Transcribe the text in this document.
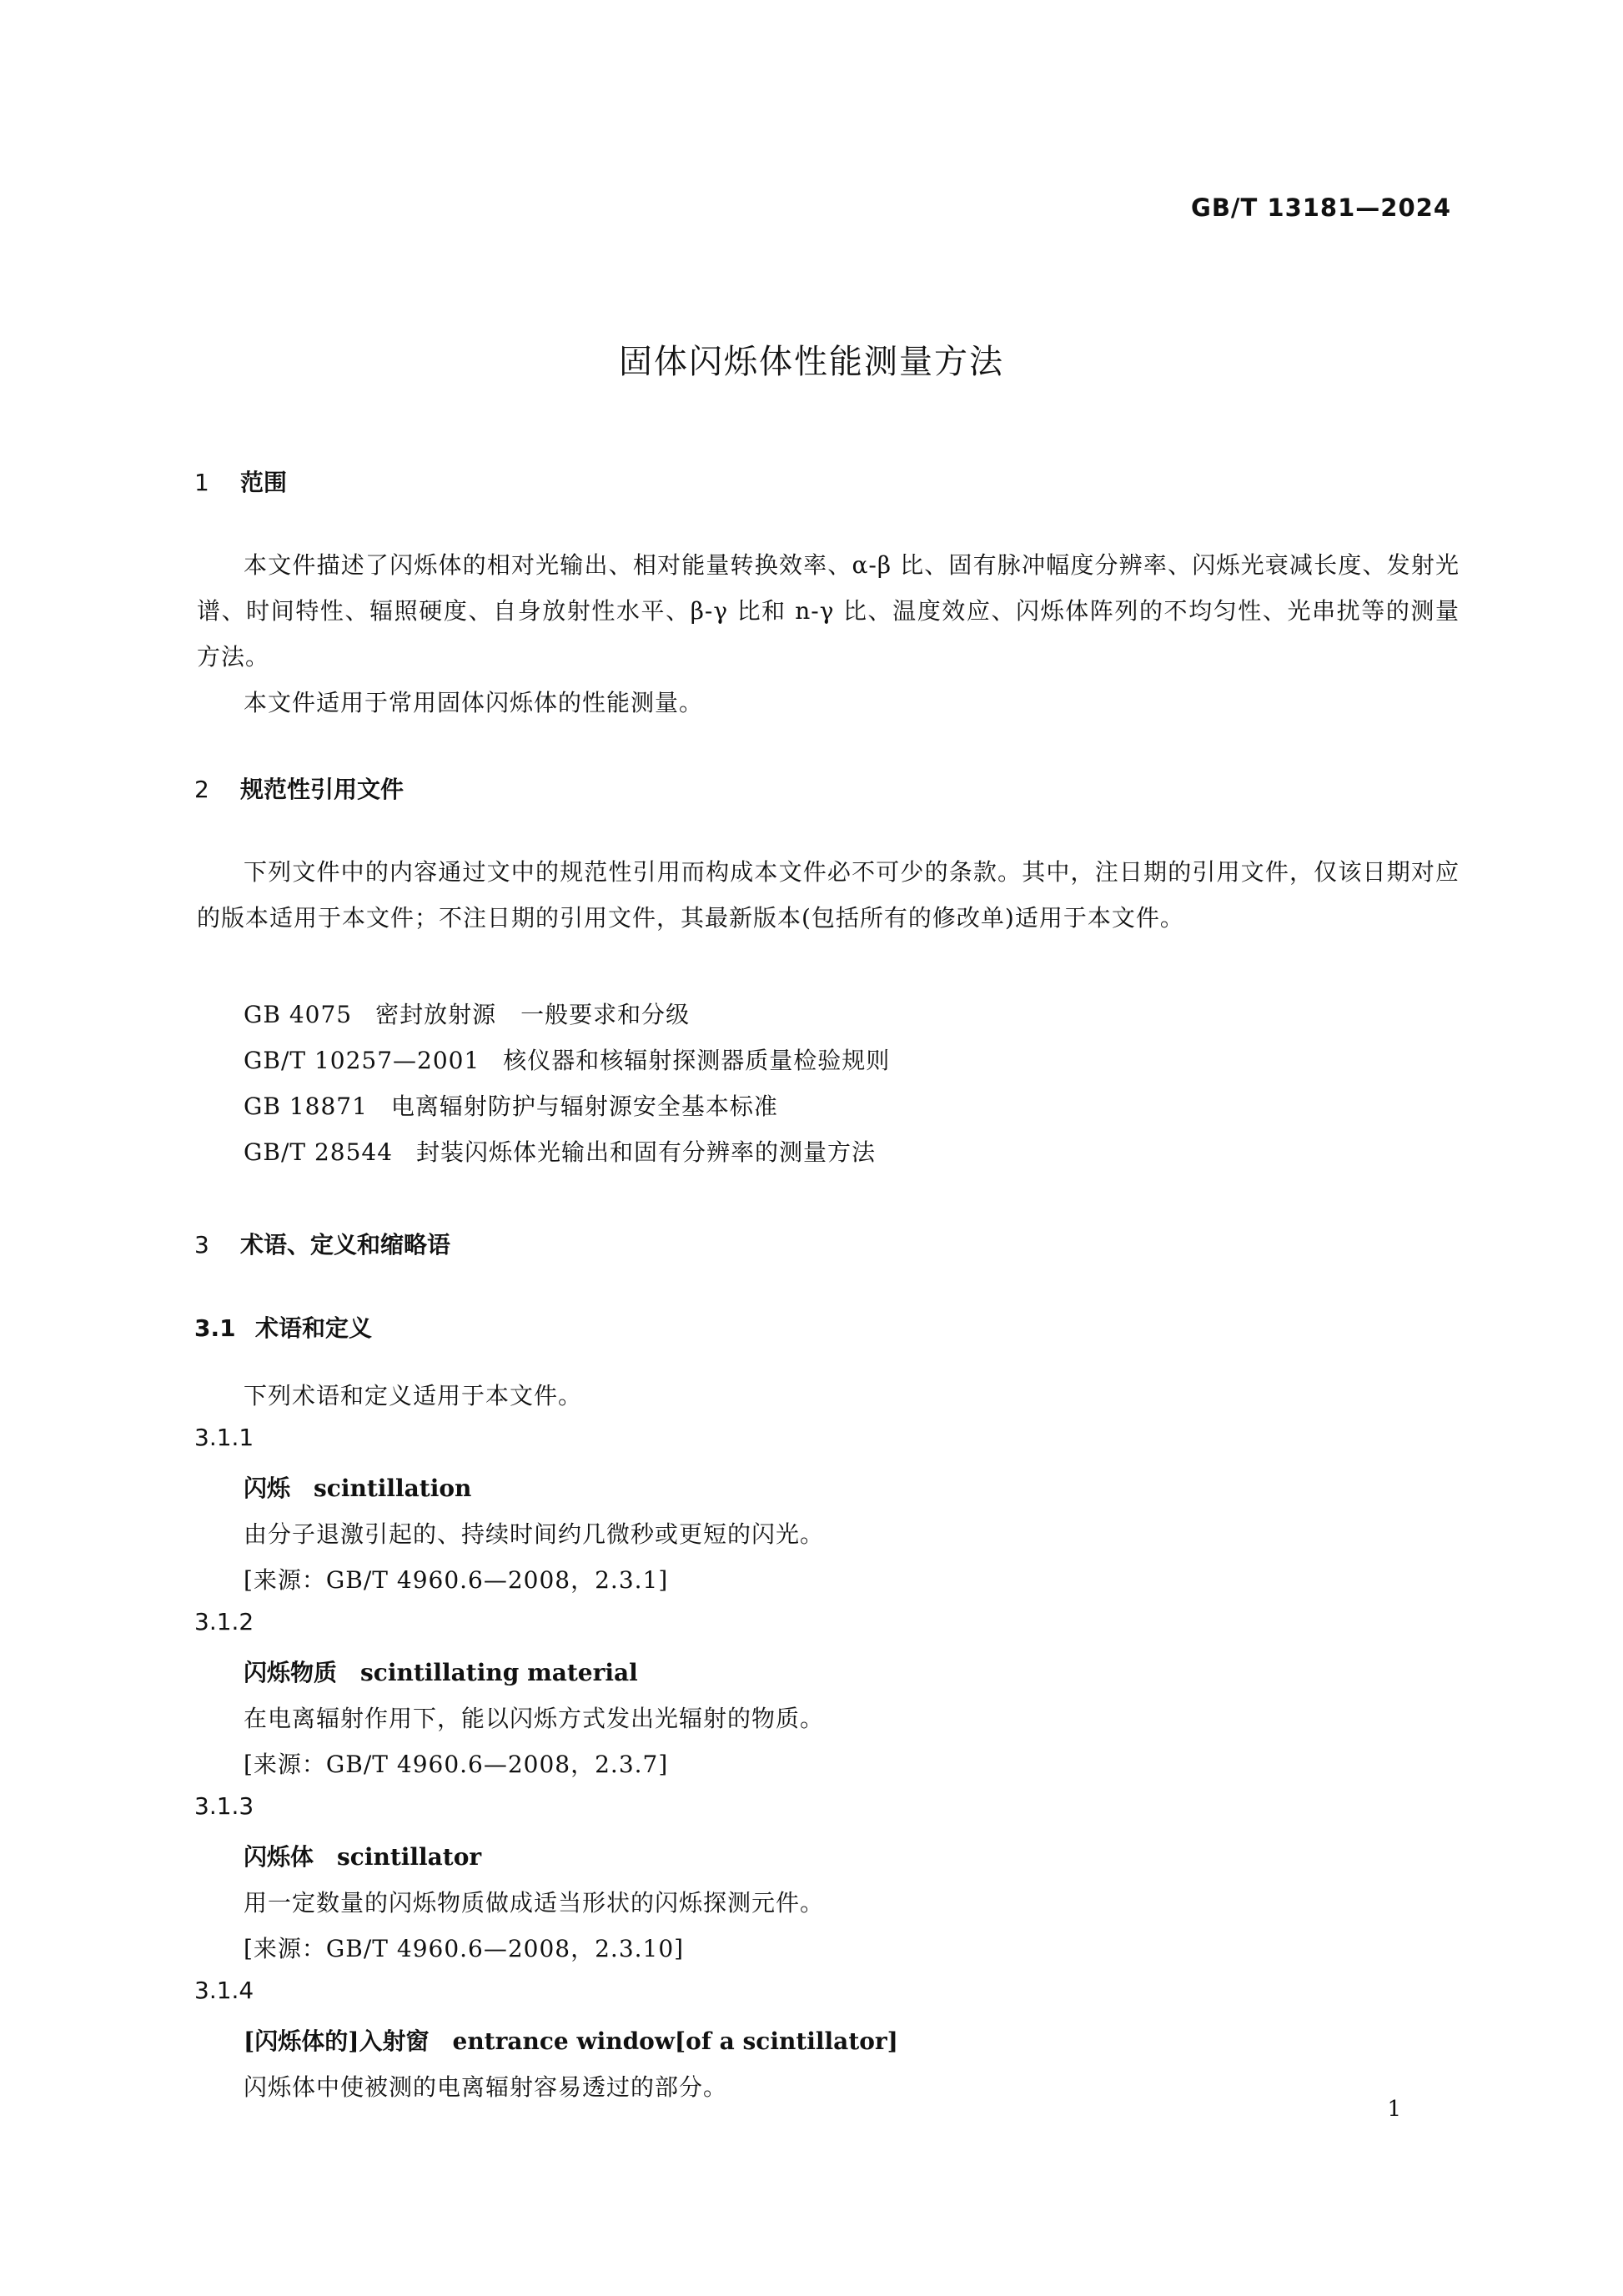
GB/T 13181—2024
固体闪烁体性能测量方法
1 范围
本文件描述了闪烁体的相对光输出、相对能量转换效率、α-β 比、固有脉冲幅度分辨率、闪烁光衰减长度、发射光谱、时间特性、辐照硬度、自身放射性水平、β-γ 比和 n-γ 比、温度效应、闪烁体阵列的不均匀性、光串扰等的测量方法。
本文件适用于常用固体闪烁体的性能测量。
2 规范性引用文件
下列文件中的内容通过文中的规范性引用而构成本文件必不可少的条款。其中，注日期的引用文件，仅该日期对应的版本适用于本文件；不注日期的引用文件，其最新版本(包括所有的修改单)适用于本文件。
GB 4075 密封放射源　一般要求和分级
GB/T 10257—2001 核仪器和核辐射探测器质量检验规则
GB 18871 电离辐射防护与辐射源安全基本标准
GB/T 28544 封装闪烁体光输出和固有分辨率的测量方法
3 术语、定义和缩略语
3.1 术语和定义
下列术语和定义适用于本文件。
3.1.1
闪烁 scintillation
由分子退激引起的、持续时间约几微秒或更短的闪光。
[来源：GB/T 4960.6—2008，2.3.1]
3.1.2
闪烁物质 scintillating material
在电离辐射作用下，能以闪烁方式发出光辐射的物质。
[来源：GB/T 4960.6—2008，2.3.7]
3.1.3
闪烁体 scintillator
用一定数量的闪烁物质做成适当形状的闪烁探测元件。
[来源：GB/T 4960.6—2008，2.3.10]
3.1.4
[闪烁体的]入射窗 entrance window[of a scintillator]
闪烁体中使被测的电离辐射容易透过的部分。
1
